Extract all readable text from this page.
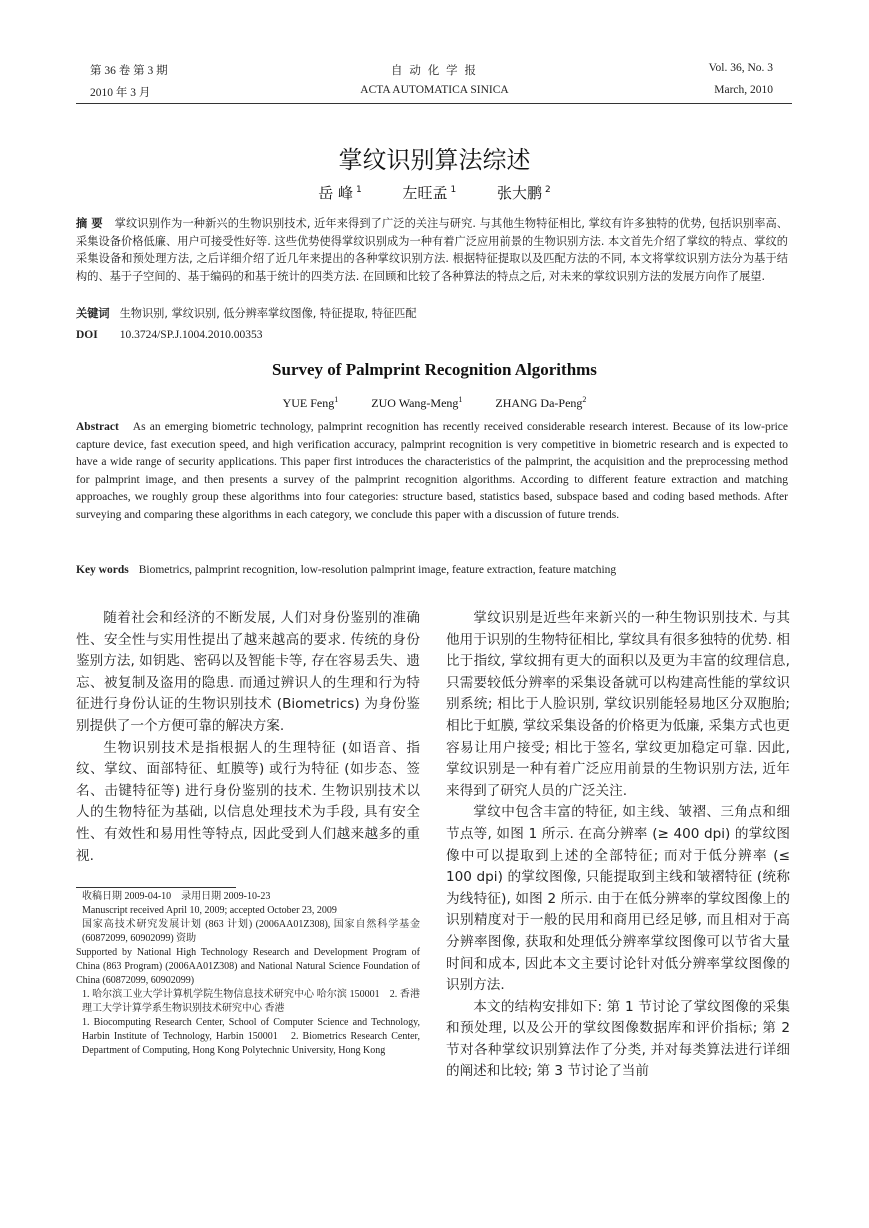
第 36 卷 第 3 期
2010 年 3 月
自 动 化 学 报
ACTA AUTOMATICA SINICA
Vol. 36, No. 3
March, 2010
掌纹识别算法综述
岳 峰 $^1$	左旺孟 $^1$	张大鹏 $^2$
摘 要 掌纹识别作为一种新兴的生物识别技术, 近年来得到了广泛的关注与研究. 与其他生物特征相比, 掌纹有许多独特的优势, 包括识别率高、采集设备价格低廉、用户可接受性好等. 这些优势使得掌纹识别成为一种有着广泛应用前景的生物识别方法. 本文首先介绍了掌纹的特点、掌纹的采集设备和预处理方法, 之后详细介绍了近几年来提出的各种掌纹识别方法. 根据特征提取以及匹配方法的不同, 本文将掌纹识别方法分为基于结构的、基于子空间的、基于编码的和基于统计的四类方法. 在回顾和比较了各种算法的特点之后, 对未来的掌纹识别方法的发展方向作了展望.
关键词 生物识别, 掌纹识别, 低分辨率掌纹图像, 特征提取, 特征匹配
DOI 10.3724/SP.J.1004.2010.00353
Survey of Palmprint Recognition Algorithms
YUE Feng$^1$	ZUO Wang-Meng$^1$	ZHANG Da-Peng$^2$
Abstract As an emerging biometric technology, palmprint recognition has recently received considerable research interest. Because of its low-price capture device, fast execution speed, and high verification accuracy, palmprint recognition is very competitive in biometric research and is expected to have a wide range of security applications. This paper first introduces the characteristics of the palmprint, the acquisition and the preprocessing method for palmprint image, and then presents a survey of the palmprint recognition algorithms. According to different feature extraction and matching approaches, we roughly group these algorithms into four categories: structure based, statistics based, subspace based and coding based methods. After surveying and comparing these algorithms in each category, we conclude this paper with a discussion of future trends.
Key words Biometrics, palmprint recognition, low-resolution palmprint image, feature extraction, feature matching

随着社会和经济的不断发展, 人们对身份鉴别的准确性、安全性与实用性提出了越来越高的要求. 传统的身份鉴别方法, 如钥匙、密码以及智能卡等, 存在容易丢失、遗忘、被复制及盗用的隐患. 而通过辨识人的生理和行为特征进行身份认证的生物识别技术 (Biometrics) 为身份鉴别提供了一个方便可靠的解决方案.

生物识别技术是指根据人的生理特征 (如语音、指纹、掌纹、面部特征、虹膜等) 或行为特征 (如步态、签名、击键特征等) 进行身份鉴别的技术. 生物识别技术以人的生物特征为基础, 以信息处理技术为手段, 具有安全性、有效性和易用性等特点, 因此受到人们越来越多的重视.

掌纹识别是近些年来新兴的一种生物识别技术. 与其他用于识别的生物特征相比, 掌纹具有很多独特的优势. 相比于指纹, 掌纹拥有更大的面积以及更为丰富的纹理信息, 只需要较低分辨率的采集设备就可以构建高性能的掌纹识别系统; 相比于人脸识别, 掌纹识别能轻易地区分双胞胎; 相比于虹膜, 掌纹采集设备的价格更为低廉, 采集方式也更容易让用户接受; 相比于签名, 掌纹更加稳定可靠. 因此, 掌纹识别是一种有着广泛应用前景的生物识别方法, 近年来得到了研究人员的广泛关注.

掌纹中包含丰富的特征, 如主线、皱褶、三角点和细节点等, 如图 1 所示. 在高分辨率 (≥ 400 dpi) 的掌纹图像中可以提取到上述的全部特征; 而对于低分辨率 (≤ 100 dpi) 的掌纹图像, 只能提取到主线和皱褶特征 (统称为线特征), 如图 2 所示. 由于在低分辨率的掌纹图像上的识别精度对于一般的民用和商用已经足够, 而且相对于高分辨率图像, 获取和处理低分辨率掌纹图像可以节省大量时间和成本, 因此本文主要讨论针对低分辨率掌纹图像的识别方法.

本文的结构安排如下: 第 1 节讨论了掌纹图像的采集和预处理, 以及公开的掌纹图像数据库和评价指标; 第 2 节对各种掌纹识别算法作了分类, 并对每类算法进行详细的阐述和比较; 第 3 节讨论了当前

收稿日期 2009-04-10　录用日期 2009-10-23
Manuscript received April 10, 2009; accepted October 23, 2009
国家高技术研究发展计划 (863 计划) (2006AA01Z308), 国家自然科学基金 (60872099, 60902099) 资助
Supported by National High Technology Research and Development Program of China (863 Program) (2006AA01Z308) and National Natural Science Foundation of China (60872099, 60902099)
1. 哈尔滨工业大学计算机学院生物信息技术研究中心 哈尔滨 150001　2. 香港理工大学计算学系生物识别技术研究中心 香港
1. Biocomputing Research Center, School of Computer Science and Technology, Harbin Institute of Technology, Harbin 150001　2. Biometrics Research Center, Department of Computing, Hong Kong Polytechnic University, Hong Kong
